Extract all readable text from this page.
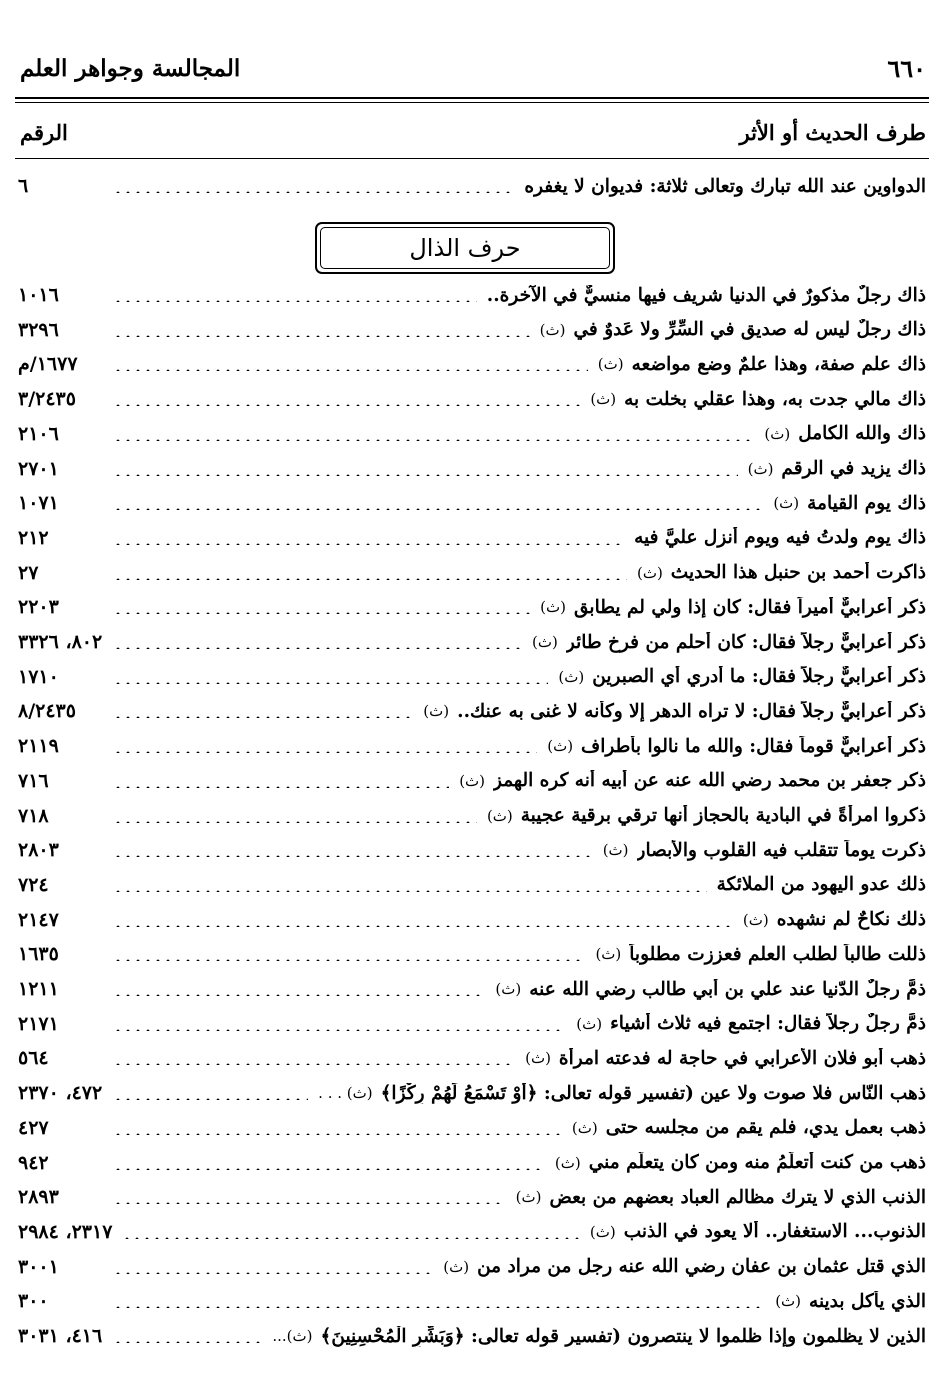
المجالسة وجواهر العلم	٦٦٠
الرقم	طرف الحديث أو الأثر
الدواوين عند الله تبارك وتعالى ثلاثة: فديوان لا يغفره
٦
حرف الذال
ذاك رجلٌ مذكورٌ في الدنيا شريف فيها منسيٌّ في الآخرة..
١٠١٦
ذاك رجلٌ ليس له صديق في السِّرِّ ولا عَدوٌ في
(ث)
٣٢٩٦
ذاك علم صفة، وهذا علمٌ وضع مواضعه
(ث)
١٦٧٧/م
ذاك مالي جدت به، وهذا عقلي بخلت به
(ث)
٣/٢٤٣٥
ذاك والله الكامل
(ث)
٢١٠٦
ذاك يزيد في الرقم
(ث)
٢٧٠١
ذاك يوم القيامة
(ث)
١٠٧١
ذاك يوم ولدتُ فيه ويوم أُنزل عليَّ فيه
٢١٢
ذاكرت أحمد بن حنبل هذا الحديث
(ث)
٢٧
ذكر أعرابيٌّ أميراً فقال: كان إذا ولي لم يطابق
(ث)
٢٢٠٣
ذكر أعرابيٌّ رجلاً فقال: كان أحلم من فرخ طائر
(ث)
٨٠٢، ٣٣٢٦
ذكر أعرابيٌّ رجلاً فقال: ما أدري أي الصبرين
(ث)
١٧١٠
ذكر أعرابيٌّ رجلاً فقال: لا تراه الدهر إلا وكأنه لا غنى به عنك..
(ث)
٨/٢٤٣٥
ذكر أعرابيٌّ قوماً فقال: والله ما نالوا بأطراف
(ث)
٢١١٩
ذكر جعفر بن محمد رضي الله عنه عن أبيه أنه كره الهمز
(ث)
٧١٦
ذكروا امرأةً في البادية بالحجاز أنها ترقي برقية عجيبة
(ث)
٧١٨
ذكرت يوماً تتقلب فيه القلوب والأبصار
(ث)
٢٨٠٣
ذلك عدو اليهود من الملائكة
٧٢٤
ذلك نكاحٌ لم نشهده
(ث)
٢١٤٧
ذللت طالباً لطلب العلم فعززت مطلوباً
(ث)
١٦٣٥
ذمَّ رجلٌ الدّنيا عند علي بن أبي طالب رضي الله عنه
(ث)
١٢١١
ذمَّ رجلٌ رجلاً فقال: اجتمع فيه ثلاث أشياء
(ث)
٢١٧١
ذهب أبو فلان الأعرابي في حاجة له فدعته امرأة
(ث)
٥٦٤
ذهب النّاس فلا صوت ولا عين (تفسير قوله تعالى: ﴿أَوْ تَسْمَعُ لَهُمْ رِكْزًا﴾
(ث) . . .
٤٧٢، ٢٣٧٠
ذهب بعمل يدي، فلم يقم من مجلسه حتى
(ث)
٤٢٧
ذهب من كنت أتعلّمُ منه ومن كان يتعلّم مني
(ث)
٩٤٢
الذنب الذي لا يترك مظالم العباد بعضهم من بعض
(ث)
٢٨٩٣
الذنوب... الاستغفار.. ألا يعود في الذنب
(ث)
٢٣١٧، ٢٩٨٤
الذي قتل عثمان بن عفان رضي الله عنه رجل من مراد من
(ث)
٣٠٠١
الذي يأكل بدينه
(ث)
٣٠٠
الذين لا يظلمون وإذا ظلموا لا ينتصرون (تفسير قوله تعالى: ﴿وَبَشِّرِ الْمُحْسِنِينَ﴾
(ث)...
٤١٦، ٣٠٣١
